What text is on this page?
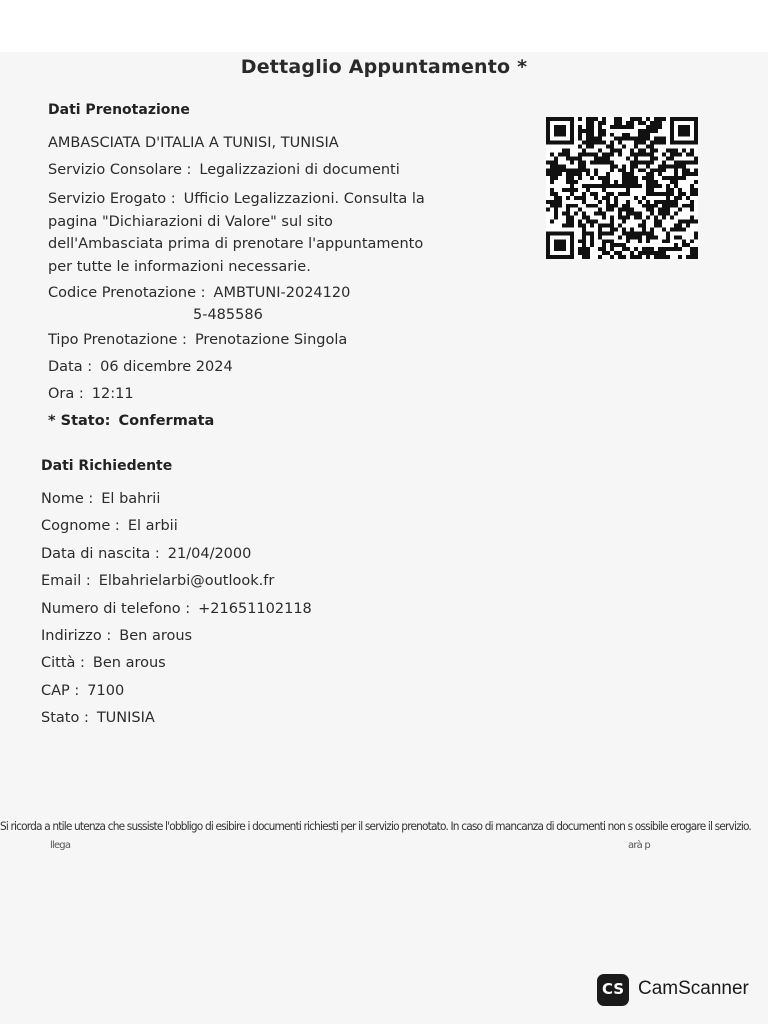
Dettaglio Appuntamento *
Dati Prenotazione
AMBASCIATA D'ITALIA A TUNISI, TUNISIA
Servizio Consolare : Legalizzazioni di documenti
Servizio Erogato : Ufficio Legalizzazioni. Consulta la pagina "Dichiarazioni di Valore" sul sito dell'Ambasciata prima di prenotare l'appuntamento per tutte le informazioni necessarie.
Codice Prenotazione : AMBTUNI-2024120
5-485586
Tipo Prenotazione : Prenotazione Singola
Data : 06 dicembre 2024
Ora : 12:11
* Stato: Confermata
Dati Richiedente
Nome : El bahrii
Cognome : El arbii
Data di nascita : 21/04/2000
Email : Elbahrielarbi@outlook.fr
Numero di telefono : +21651102118
Indirizzo : Ben arous
Città : Ben arous
CAP : 7100
Stato : TUNISIA
Si ricorda a ntile utenza che sussiste l'obbligo di esibire i documenti richiesti per il servizio prenotato. In caso di mancanza di documenti non s ossibile erogare il servizio.
llega	arà p
CS CamScanner
